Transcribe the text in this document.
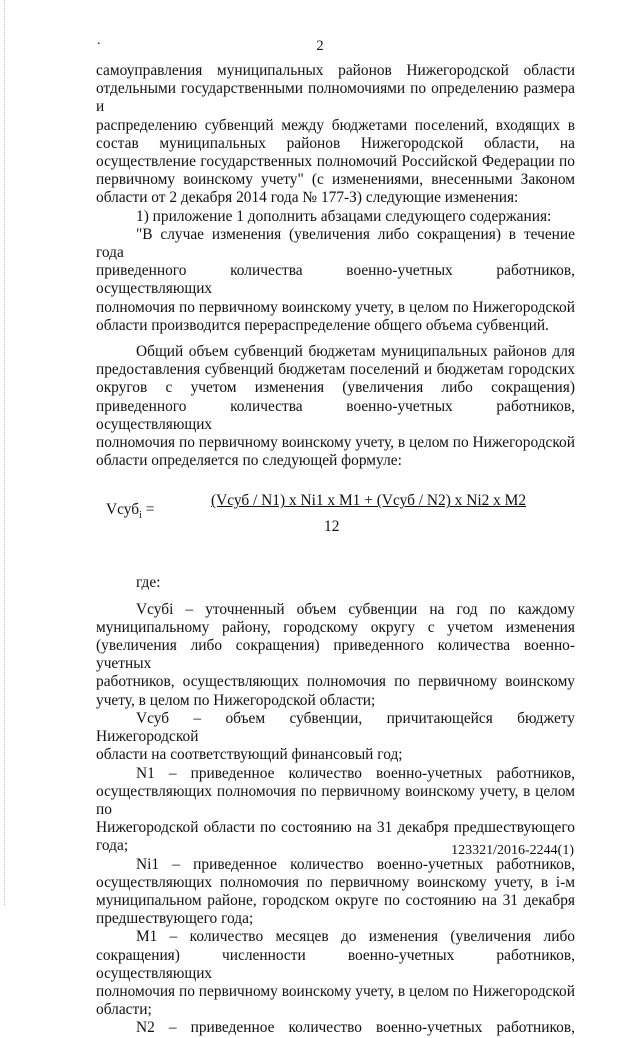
.	2

самоуправления муниципальных районов Нижегородской области

отдельными государственными полномочиями по определению размера и

распределению субвенций между бюджетами поселений, входящих в

состав муниципальных районов Нижегородской области, на

осуществление государственных полномочий Российской Федерации по

первичному воинскому учету" (с изменениями, внесенными Законом

области от 2 декабря 2014 года № 177-З) следующие изменения:

1) приложение 1 дополнить абзацами следующего содержания:

"В случае изменения (увеличения либо сокращения) в течение года

приведенного количества военно-учетных работников, осуществляющих

полномочия по первичному воинскому учету, в целом по Нижегородской

области производится перераспределение общего объема субвенций.

Общий объем субвенций бюджетам муниципальных районов для

предоставления субвенций бюджетам поселений и бюджетам городских

округов с учетом изменения (увеличения либо сокращения)

приведенного количества военно-учетных работников, осуществляющих

полномочия по первичному воинскому учету, в целом по Нижегородской

области определяется по следующей формуле:

Vсуб$_i$ =
(Vсуб / N1) x Ni1 x M1 + (Vсуб / N2) x Ni2 x M2
12

где:

Vсубi – уточненный объем субвенции на год по каждому

муниципальному району, городскому округу с учетом изменения

(увеличения либо сокращения) приведенного количества военно-учетных

работников, осуществляющих полномочия по первичному воинскому

учету, в целом по Нижегородской области;

Vсуб – объем субвенции, причитающейся бюджету Нижегородской

области на соответствующий финансовый год;

N1 – приведенное количество военно-учетных работников,

осуществляющих полномочия по первичному воинскому учету, в целом по

Нижегородской области по состоянию на 31 декабря предшествующего

года;

Ni1 – приведенное количество военно-учетных работников,

осуществляющих полномочия по первичному воинскому учету, в i-м

муниципальном районе, городском округе по состоянию на 31 декабря

предшествующего года;

M1 – количество месяцев до изменения (увеличения либо

сокращения) численности военно-учетных работников, осуществляющих

полномочия по первичному воинскому учету, в целом по Нижегородской

области;

N2 – приведенное количество военно-учетных работников,

123321/2016-2244(1)
